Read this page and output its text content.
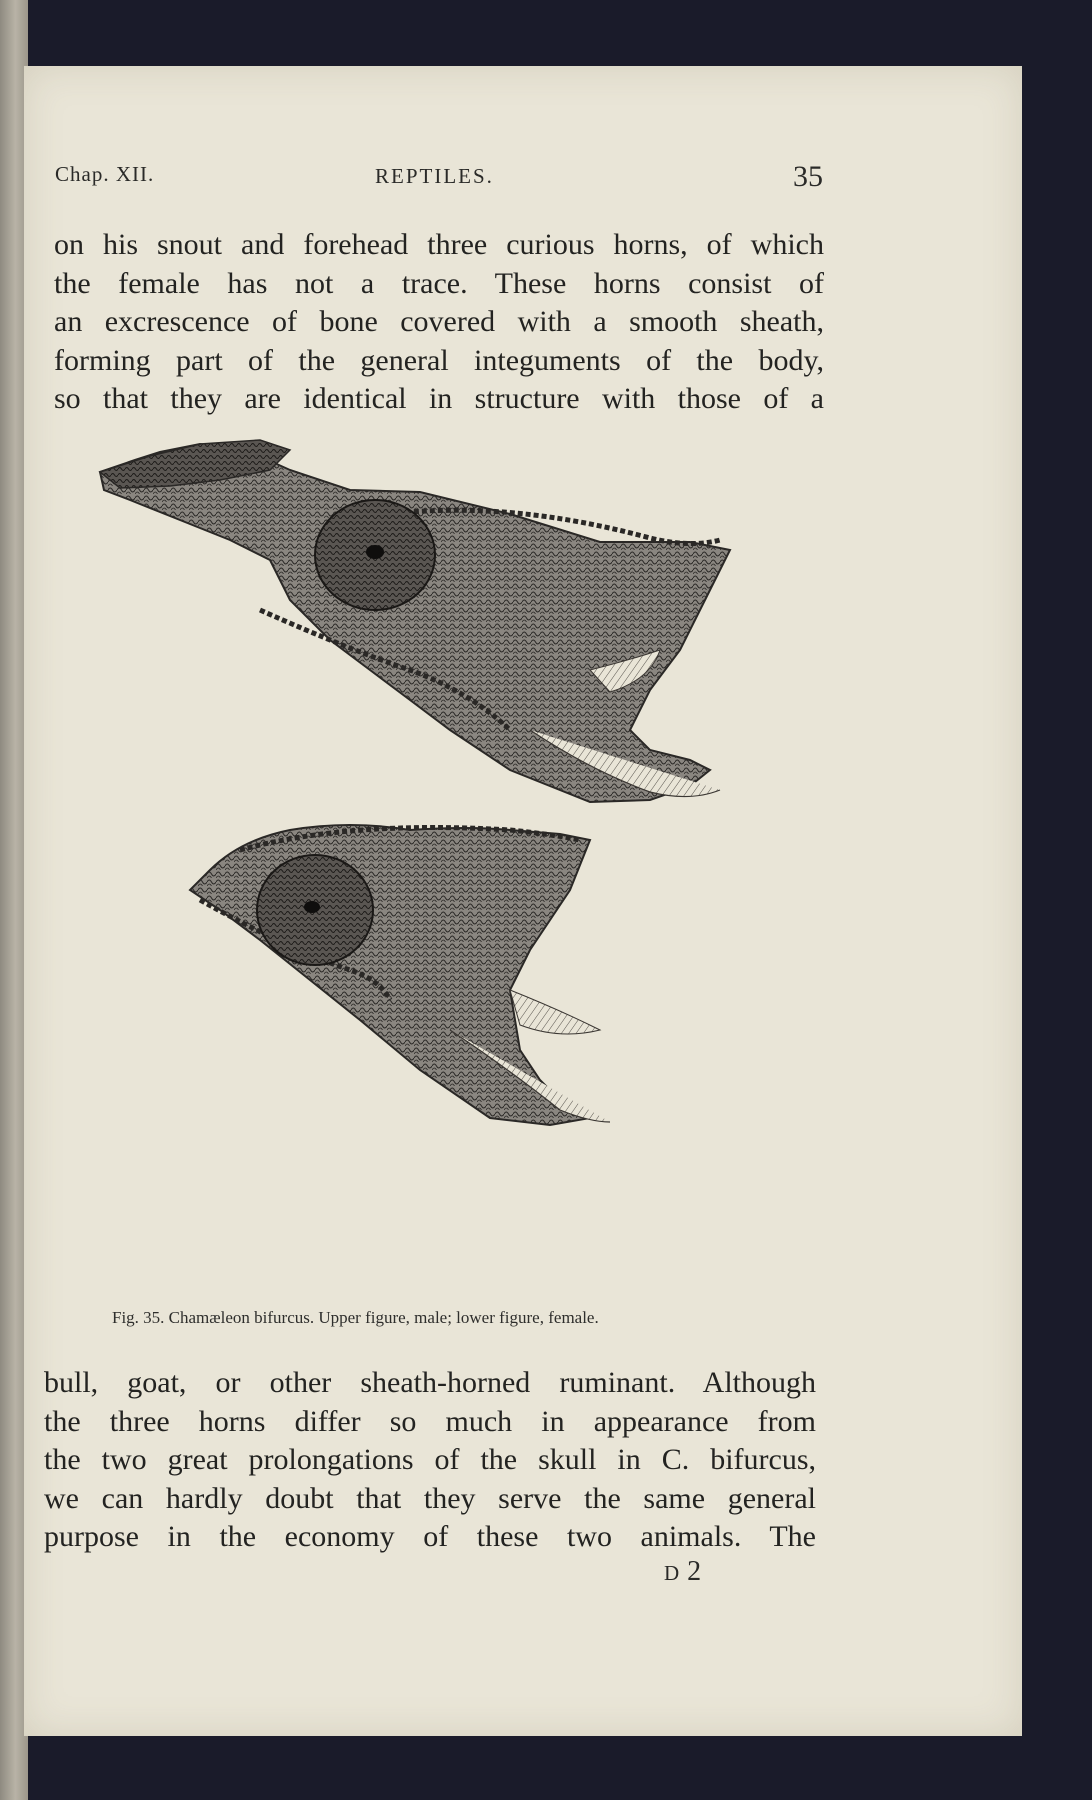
Chap. XII.	REPTILES.	35

on his snout and forehead three curious horns, of which

the female has not a trace. These horns consist of

an excrescence of bone covered with a smooth sheath,

forming part of the general integuments of the body,

so that they are identical in structure with those of a

Fig. 35. Chamæleon bifurcus. Upper figure, male; lower figure, female.

bull, goat, or other sheath-horned ruminant. Although

the three horns differ so much in appearance from

the two great prolongations of the skull in C. bifurcus,

we can hardly doubt that they serve the same general

purpose in the economy of these two animals. The

D 2
